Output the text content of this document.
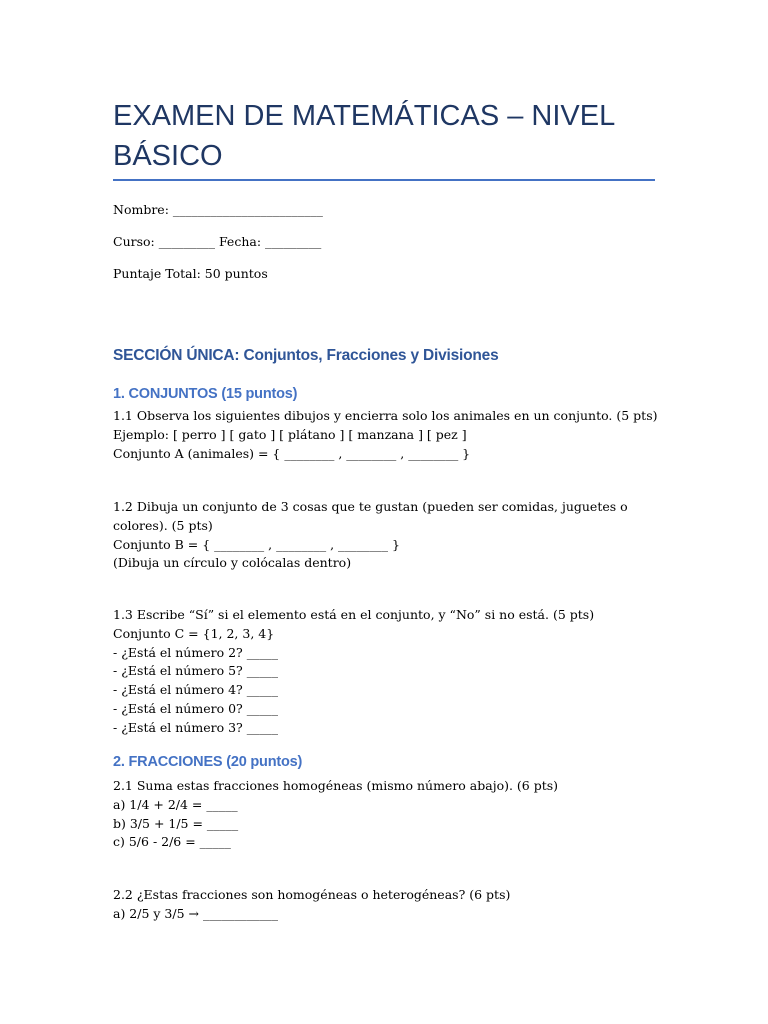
EXAMEN DE MATEMÁTICAS – NIVEL BÁSICO
Nombre: ________________________
Curso: _________ Fecha: _________
Puntaje Total: 50 puntos
SECCIÓN ÚNICA: Conjuntos, Fracciones y Divisiones
1. CONJUNTOS (15 puntos)
1.1 Observa los siguientes dibujos y encierra solo los animales en un conjunto. (5 pts)
Ejemplo: [ perro ] [ gato ] [ plátano ] [ manzana ] [ pez ]
Conjunto A (animales) = { ________ , ________ , ________ }
1.2 Dibuja un conjunto de 3 cosas que te gustan (pueden ser comidas, juguetes o colores). (5 pts)
Conjunto B = { ________ , ________ , ________ }
(Dibuja un círculo y colócalas dentro)
1.3 Escribe “Sí” si el elemento está en el conjunto, y “No” si no está. (5 pts)
Conjunto C = {1, 2, 3, 4}
- ¿Está el número 2? _____
- ¿Está el número 5? _____
- ¿Está el número 4? _____
- ¿Está el número 0? _____
- ¿Está el número 3? _____
2. FRACCIONES (20 puntos)
2.1 Suma estas fracciones homogéneas (mismo número abajo). (6 pts)
a) 1/4 + 2/4 = _____
b) 3/5 + 1/5 = _____
c) 5/6 - 2/6 = _____
2.2 ¿Estas fracciones son homogéneas o heterogéneas? (6 pts)
a) 2/5 y 3/5 → ____________
